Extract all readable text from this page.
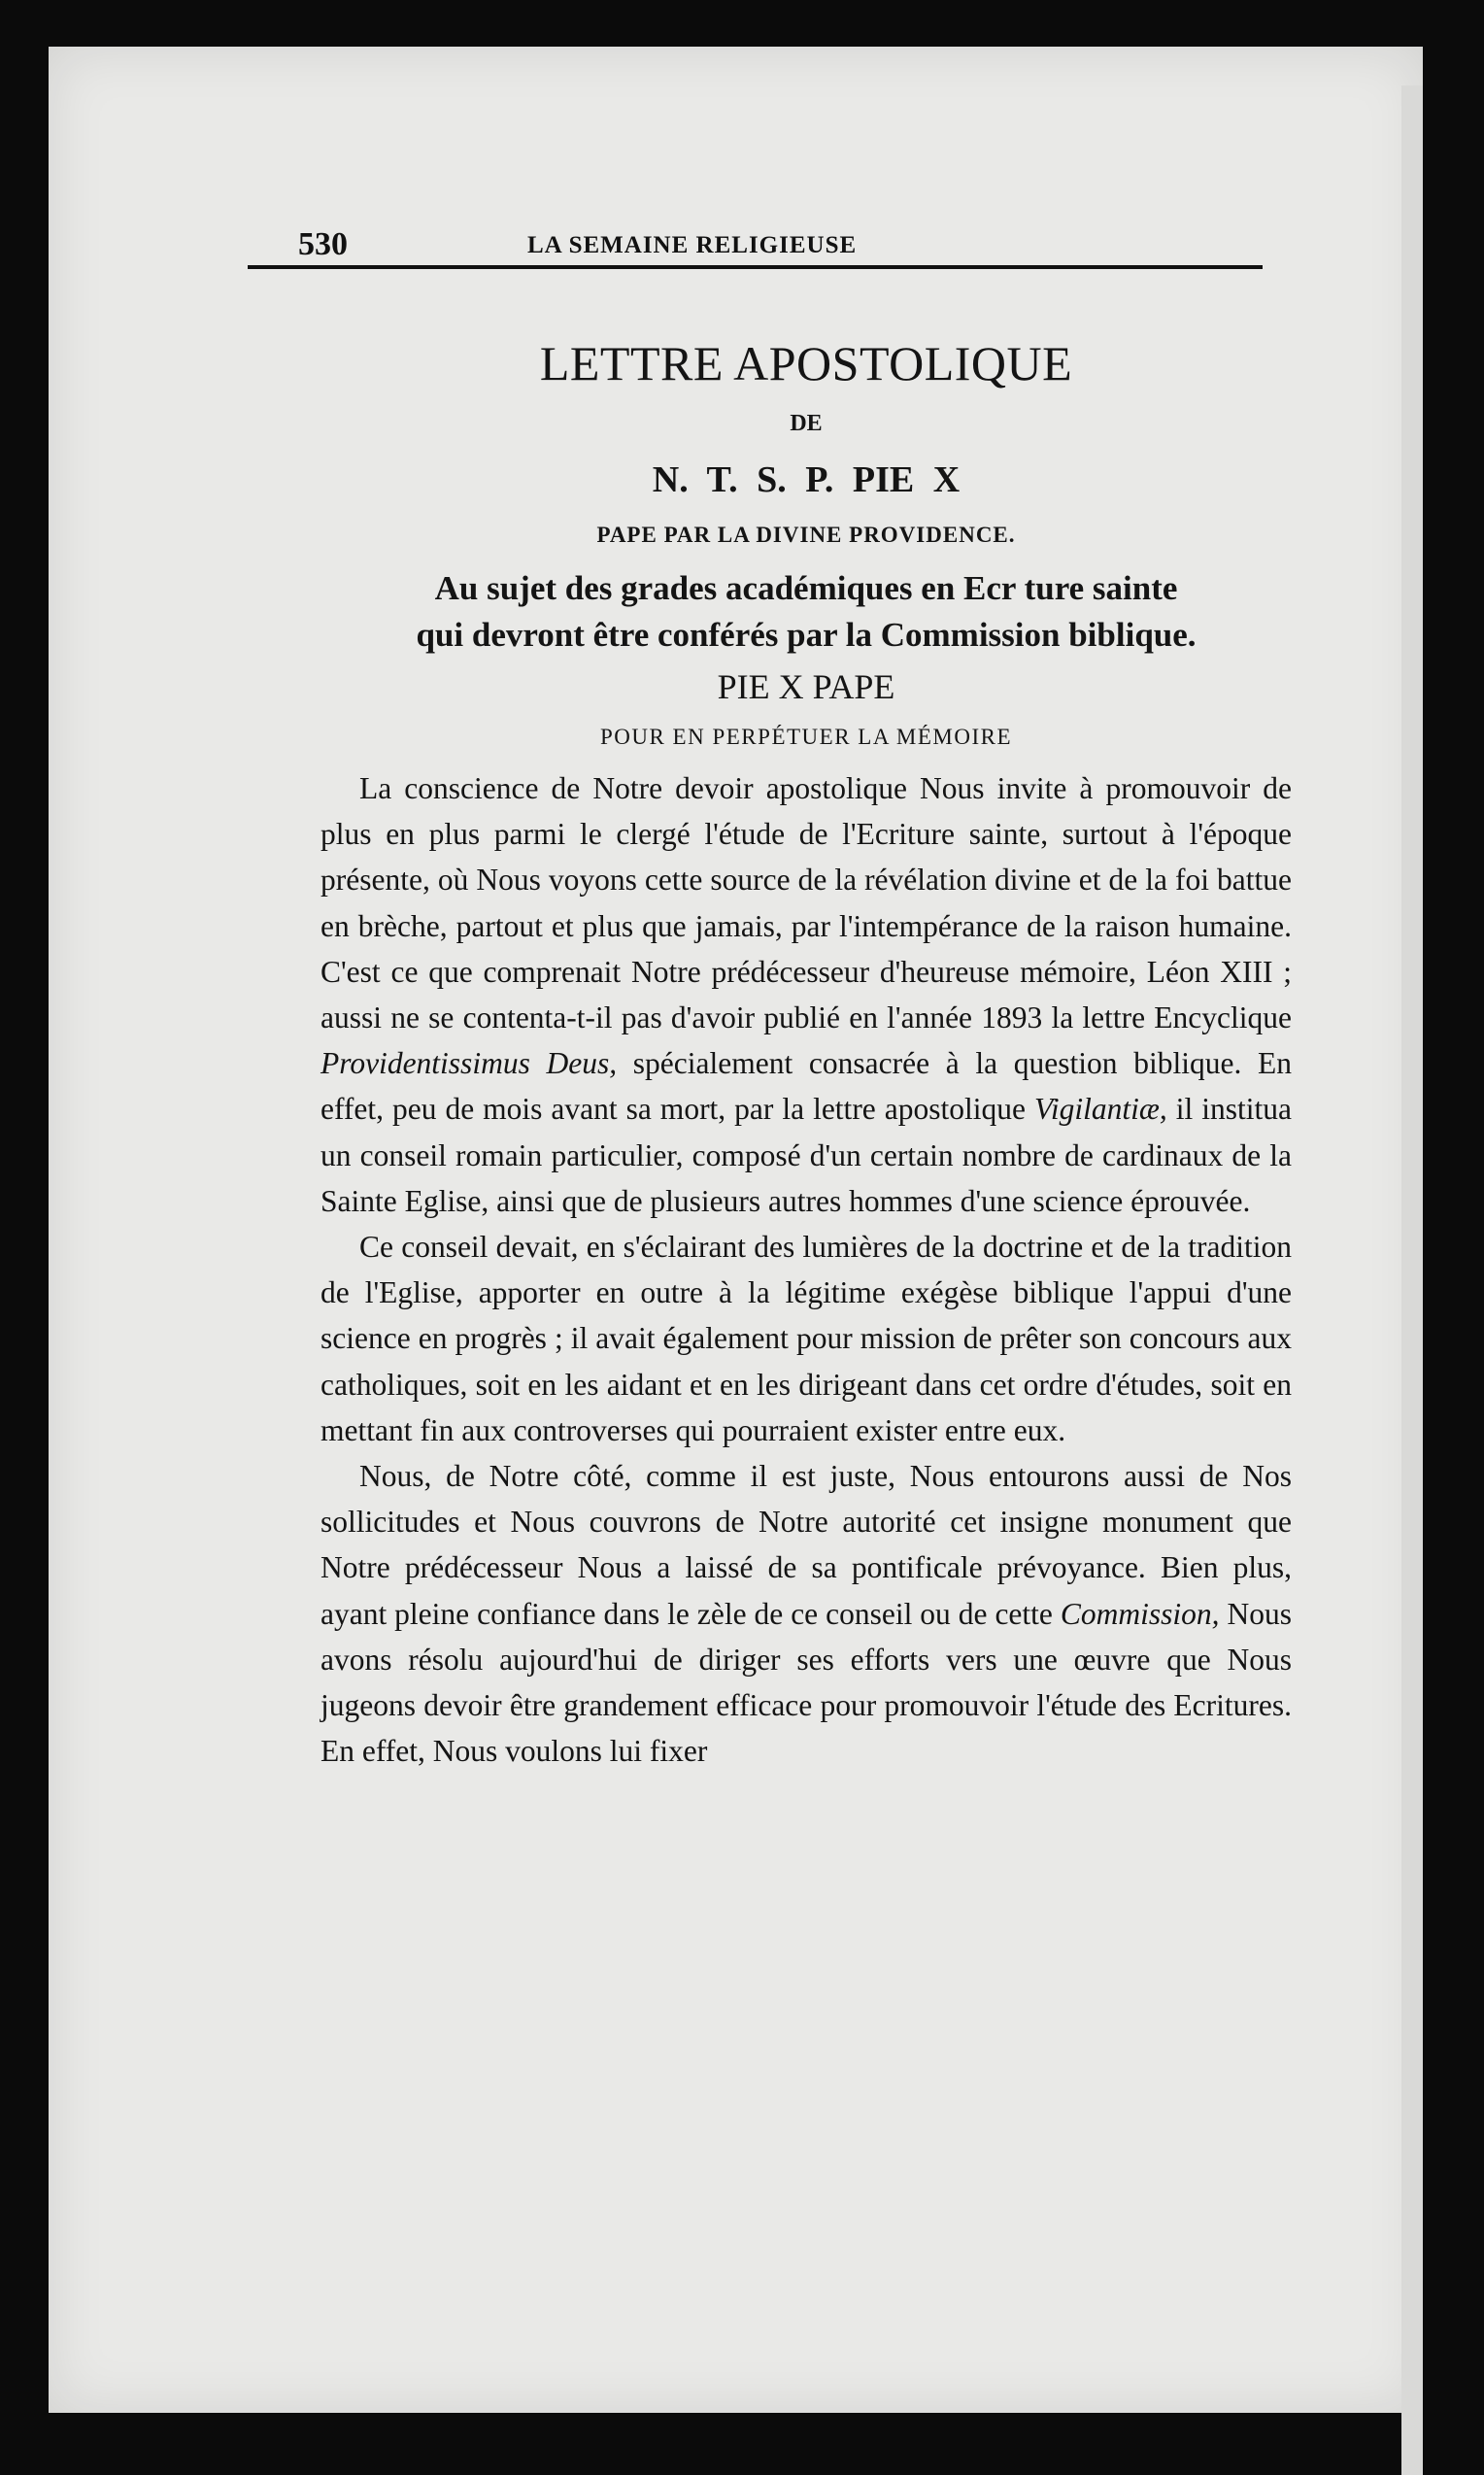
530	LA SEMAINE RELIGIEUSE
LETTRE APOSTOLIQUE
DE
N. T. S. P. PIE X
PAPE PAR LA DIVINE PROVIDENCE.
Au sujet des grades académiques en Ecr ture sainte
qui devront être conférés par la Commission biblique.
PIE X PAPE
POUR EN PERPÉTUER LA MÉMOIRE

La conscience de Notre devoir apostolique Nous invite à promouvoir de plus en plus parmi le clergé l'étude de l'Ecriture sainte, surtout à l'époque présente, où Nous voyons cette source de la révélation divine et de la foi battue en brèche, partout et plus que jamais, par l'intempérance de la raison humaine. C'est ce que comprenait Notre prédécesseur d'heureuse mémoire, Léon XIII ; aussi ne se contenta-t-il pas d'avoir publié en l'année 1893 la lettre Encyclique Providentissimus Deus, spécialement consacrée à la question biblique. En effet, peu de mois avant sa mort, par la lettre apostolique Vigilantiæ, il institua un conseil romain particulier, composé d'un certain nombre de cardinaux de la Sainte Eglise, ainsi que de plusieurs autres hommes d'une science éprouvée.

Ce conseil devait, en s'éclairant des lumières de la doctrine et de la tradition de l'Eglise, apporter en outre à la légitime exégèse biblique l'appui d'une science en progrès ; il avait également pour mission de prêter son concours aux catholiques, soit en les aidant et en les dirigeant dans cet ordre d'études, soit en mettant fin aux controverses qui pourraient exister entre eux.

Nous, de Notre côté, comme il est juste, Nous entourons aussi de Nos sollicitudes et Nous couvrons de Notre autorité cet insigne monument que Notre prédécesseur Nous a laissé de sa pontificale prévoyance. Bien plus, ayant pleine confiance dans le zèle de ce conseil ou de cette Commission, Nous avons résolu aujourd'hui de diriger ses efforts vers une œuvre que Nous jugeons devoir être grandement efficace pour promouvoir l'étude des Ecritures. En effet, Nous voulons lui fixer
